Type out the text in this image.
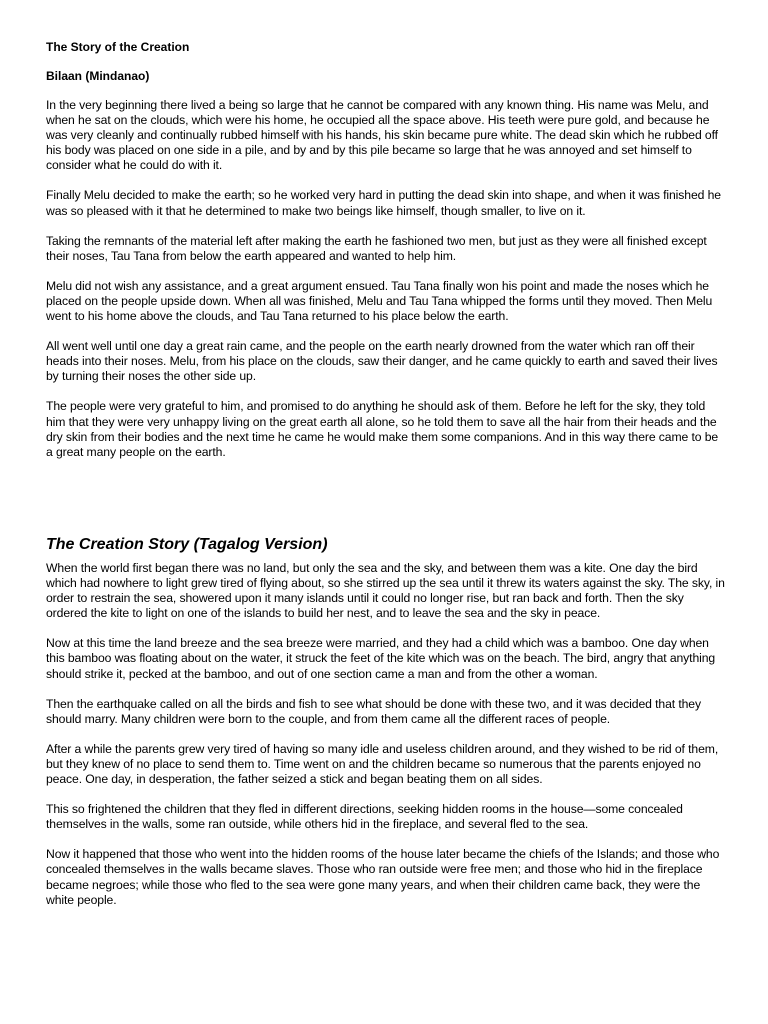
The Story of the Creation
Bilaan (Mindanao)

In the very beginning there lived a being so large that he cannot be compared with any known thing. His name was Melu, and when he sat on the clouds, which were his home, he occupied all the space above. His teeth were pure gold, and because he was very cleanly and continually rubbed himself with his hands, his skin became pure white. The dead skin which he rubbed off his body was placed on one side in a pile, and by and by this pile became so large that he was annoyed and set himself to consider what he could do with it.

Finally Melu decided to make the earth; so he worked very hard in putting the dead skin into shape, and when it was finished he was so pleased with it that he determined to make two beings like himself, though smaller, to live on it.

Taking the remnants of the material left after making the earth he fashioned two men, but just as they were all finished except their noses, Tau Tana from below the earth appeared and wanted to help him.

Melu did not wish any assistance, and a great argument ensued. Tau Tana finally won his point and made the noses which he placed on the people upside down. When all was finished, Melu and Tau Tana whipped the forms until they moved. Then Melu went to his home above the clouds, and Tau Tana returned to his place below the earth.

All went well until one day a great rain came, and the people on the earth nearly drowned from the water which ran off their heads into their noses. Melu, from his place on the clouds, saw their danger, and he came quickly to earth and saved their lives by turning their noses the other side up.

The people were very grateful to him, and promised to do anything he should ask of them. Before he left for the sky, they told him that they were very unhappy living on the great earth all alone, so he told them to save all the hair from their heads and the dry skin from their bodies and the next time he came he would make them some companions. And in this way there came to be a great many people on the earth.

The Creation Story (Tagalog Version)

When the world first began there was no land, but only the sea and the sky, and between them was a kite. One day the bird which had nowhere to light grew tired of flying about, so she stirred up the sea until it threw its waters against the sky. The sky, in order to restrain the sea, showered upon it many islands until it could no longer rise, but ran back and forth. Then the sky ordered the kite to light on one of the islands to build her nest, and to leave the sea and the sky in peace.

Now at this time the land breeze and the sea breeze were married, and they had a child which was a bamboo. One day when this bamboo was floating about on the water, it struck the feet of the kite which was on the beach. The bird, angry that anything should strike it, pecked at the bamboo, and out of one section came a man and from the other a woman.

Then the earthquake called on all the birds and fish to see what should be done with these two, and it was decided that they should marry. Many children were born to the couple, and from them came all the different races of people.

After a while the parents grew very tired of having so many idle and useless children around, and they wished to be rid of them, but they knew of no place to send them to. Time went on and the children became so numerous that the parents enjoyed no peace. One day, in desperation, the father seized a stick and began beating them on all sides.

This so frightened the children that they fled in different directions, seeking hidden rooms in the house—some concealed themselves in the walls, some ran outside, while others hid in the fireplace, and several fled to the sea.

Now it happened that those who went into the hidden rooms of the house later became the chiefs of the Islands; and those who concealed themselves in the walls became slaves. Those who ran outside were free men; and those who hid in the fireplace became negroes; while those who fled to the sea were gone many years, and when their children came back, they were the white people.
